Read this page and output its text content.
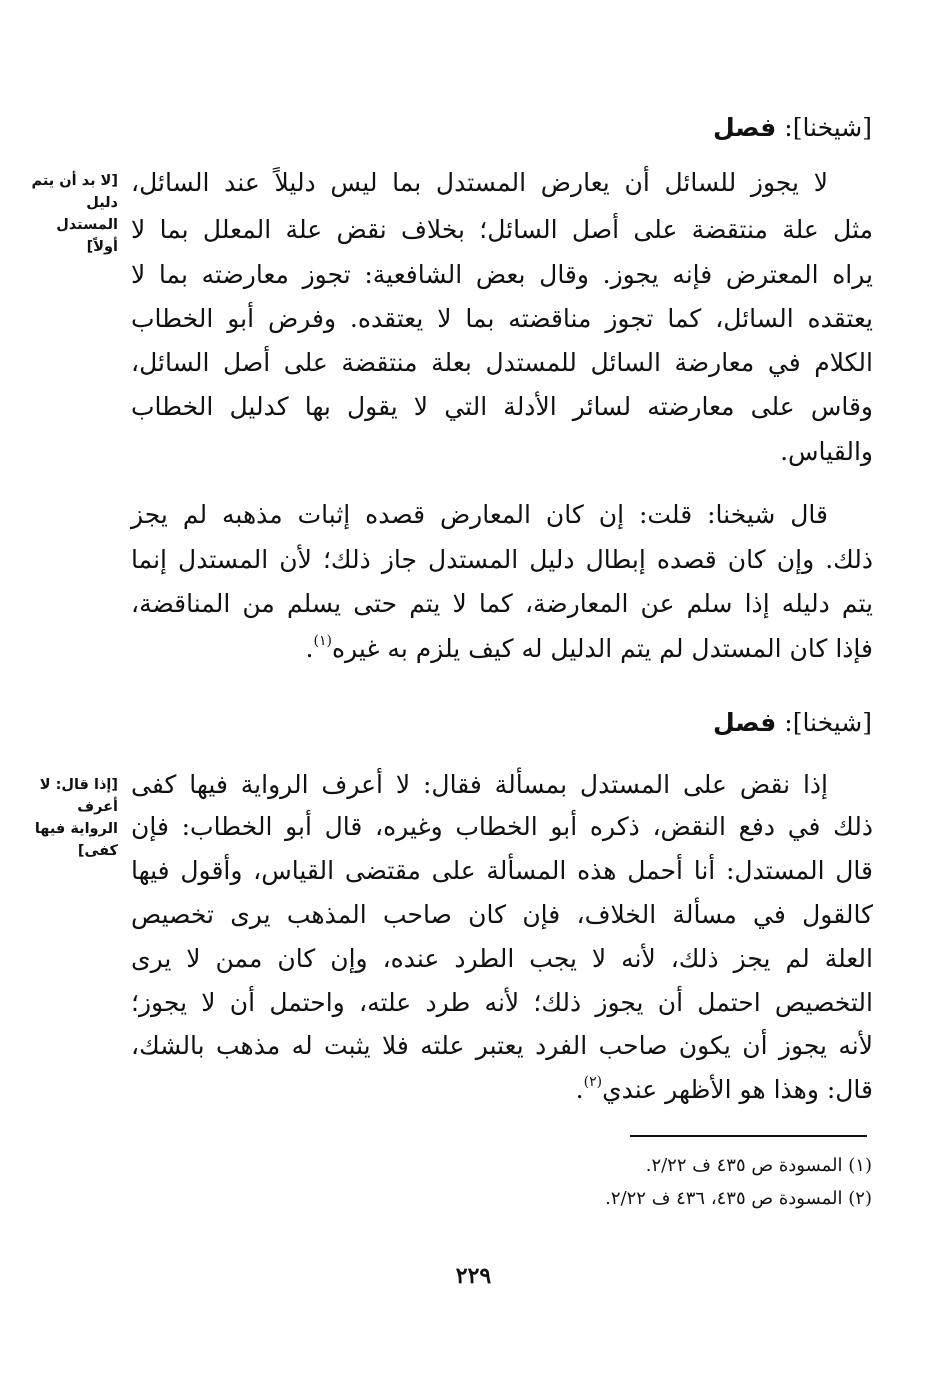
[شيخنا]: فصل
[لا بد أن يتم
دليل
المستدل
أولاً]
لا يجوز للسائل أن يعارض المستدل بما ليس دليلاً عند السائل،
مثل علة منتقضة على أصل السائل؛ بخلاف نقض علة المعلل بما لا
يراه المعترض فإنه يجوز. وقال بعض الشافعية: تجوز معارضته بما لا
يعتقده السائل، كما تجوز مناقضته بما لا يعتقده. وفرض أبو الخطاب
الكلام في معارضة السائل للمستدل بعلة منتقضة على أصل السائل،
وقاس على معارضته لسائر الأدلة التي لا يقول بها كدليل الخطاب
والقياس.
قال شيخنا: قلت: إن كان المعارض قصده إثبات مذهبه لم يجز
ذلك. وإن كان قصده إبطال دليل المستدل جاز ذلك؛ لأن المستدل إنما
يتم دليله إذا سلم عن المعارضة، كما لا يتم حتى يسلم من المناقضة،
فإذا كان المستدل لم يتم الدليل له كيف يلزم به غيره$^{(١)}$.
[شيخنا]: فصل
[إذا قال: لا
أعرف
الرواية فيها
كفى]
إذا نقض على المستدل بمسألة فقال: لا أعرف الرواية فيها كفى
ذلك في دفع النقض، ذكره أبو الخطاب وغيره، قال أبو الخطاب: فإن
قال المستدل: أنا أحمل هذه المسألة على مقتضى القياس، وأقول فيها
كالقول في مسألة الخلاف، فإن كان صاحب المذهب يرى تخصيص
العلة لم يجز ذلك، لأنه لا يجب الطرد عنده، وإن كان ممن لا يرى
التخصيص احتمل أن يجوز ذلك؛ لأنه طرد علته، واحتمل أن لا يجوز؛
لأنه يجوز أن يكون صاحب الفرد يعتبر علته فلا يثبت له مذهب بالشك،
قال: وهذا هو الأظهر عندي$^{(٢)}$.
(١) المسودة ص ٤٣٥ ف ٢/٢٢.
(٢) المسودة ص ٤٣٥، ٤٣٦ ف ٢/٢٢.
٢٢٩
